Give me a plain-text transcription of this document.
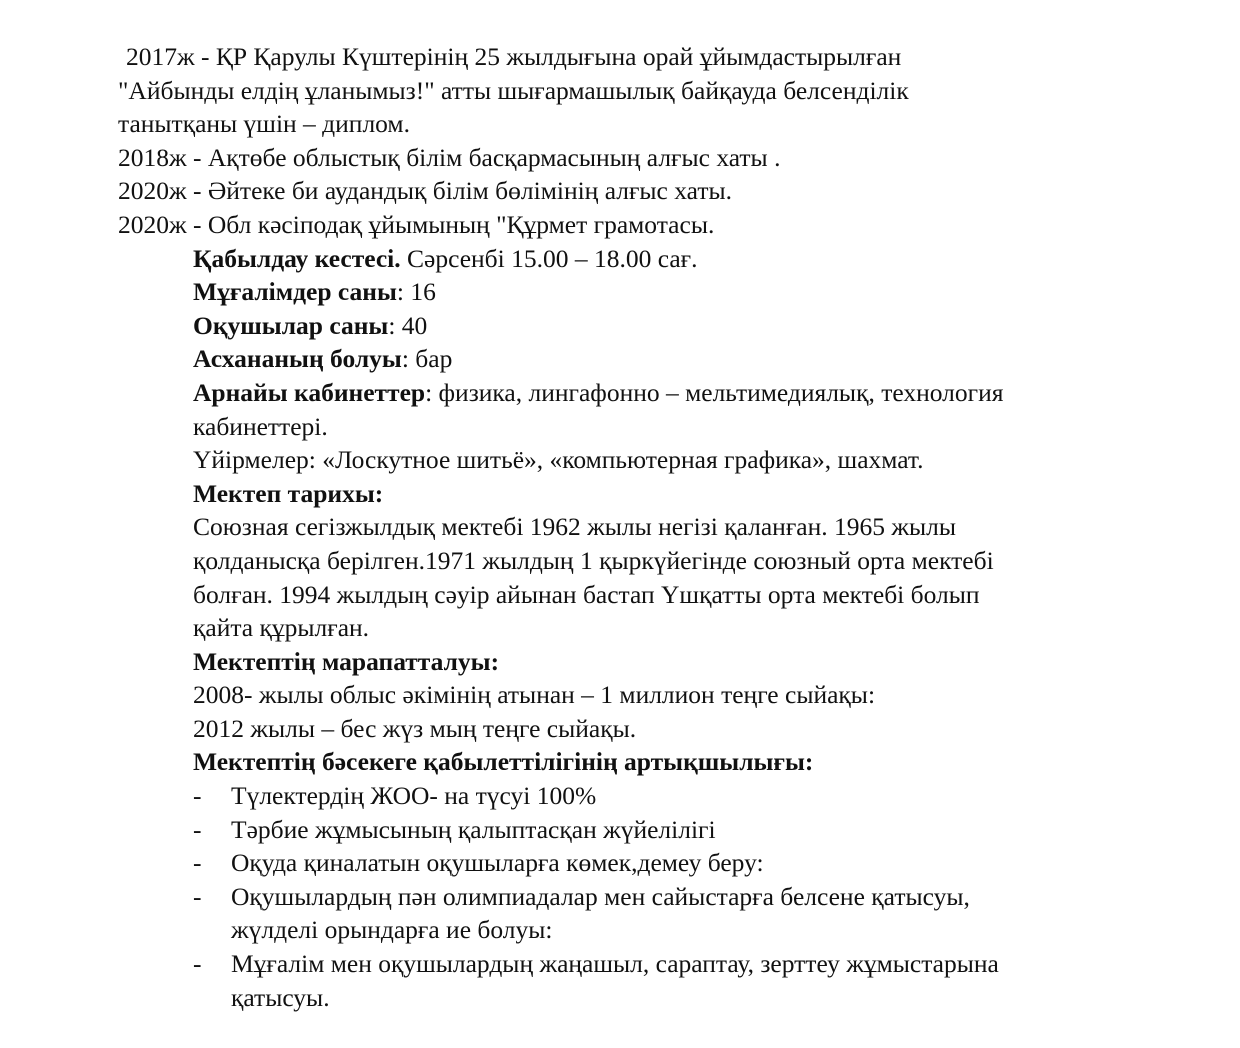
2017ж - ҚР Қарулы Күштерінің 25 жылдығына орай ұйымдастырылған

"Айбынды елдің ұланымыз!" атты шығармашылық байқауда белсенділік

танытқаны үшін – диплом.

2018ж - Ақтөбе облыстық білім басқармасының алғыс хаты .

2020ж - Әйтеке би аудандық білім бөлімінің алғыс хаты.

2020ж - Обл кәсіподақ ұйымының "Құрмет грамотасы.

Қабылдау кестесі. Сәрсенбі 15.00 – 18.00 сағ.

Мұғалімдер саны: 16

Оқушылар саны: 40

Асхананың болуы: бар

Арнайы кабинеттер: физика, лингафонно – мельтимедиялық, технология

кабинеттері.

Үйірмелер: «Лоскутное шитьё», «компьютерная графика», шахмат.

Мектеп тарихы:

Союзная сегізжылдық мектебі 1962 жылы негізі қаланған. 1965 жылы

қолданысқа берілген.1971 жылдың 1 қыркүйегінде союзный орта мектебі

болған. 1994 жылдың сәуір айынан бастап Үшқатты орта мектебі болып

қайта құрылған.

Мектептің марапатталуы:

2008- жылы облыс әкімінің атынан – 1 миллион теңге сыйақы:

2012 жылы – бес жүз мың теңге сыйақы.

Мектептің бәсекеге қабылеттілігінің артықшылығы:

- Түлектердің ЖОО- на түсуі 100%

- Тәрбие жұмысының қалыптасқан жүйелілігі

- Оқуда қиналатын оқушыларға көмек,демеу беру:

- Оқушылардың пән олимпиадалар мен сайыстарға белсене қатысуы,

жүлделі орындарға ие болуы:

- Мұғалім мен оқушылардың жаңашыл, сараптау, зерттеу жұмыстарына

қатысуы.
